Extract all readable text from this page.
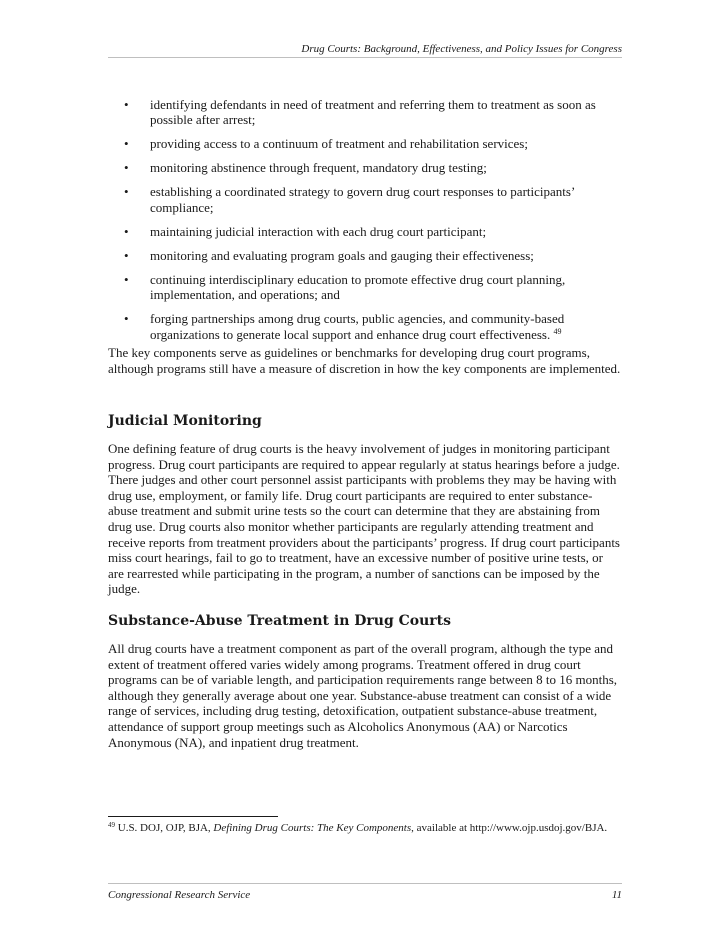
Drug Courts: Background, Effectiveness, and Policy Issues for Congress
• identifying defendants in need of treatment and referring them to treatment as soon as possible after arrest;
• providing access to a continuum of treatment and rehabilitation services;
• monitoring abstinence through frequent, mandatory drug testing;
• establishing a coordinated strategy to govern drug court responses to participants’ compliance;
• maintaining judicial interaction with each drug court participant;
• monitoring and evaluating program goals and gauging their effectiveness;
• continuing interdisciplinary education to promote effective drug court planning, implementation, and operations; and
• forging partnerships among drug courts, public agencies, and community-based organizations to generate local support and enhance drug court effectiveness. $^{49}$

The key components serve as guidelines or benchmarks for developing drug court programs, although programs still have a measure of discretion in how the key components are implemented.

Judicial Monitoring

One defining feature of drug courts is the heavy involvement of judges in monitoring participant progress. Drug court participants are required to appear regularly at status hearings before a judge. There judges and other court personnel assist participants with problems they may be having with drug use, employment, or family life. Drug court participants are required to enter substance-abuse treatment and submit urine tests so the court can determine that they are abstaining from drug use. Drug courts also monitor whether participants are regularly attending treatment and receive reports from treatment providers about the participants’ progress. If drug court participants miss court hearings, fail to go to treatment, have an excessive number of positive urine tests, or are rearrested while participating in the program, a number of sanctions can be imposed by the judge.

Substance-Abuse Treatment in Drug Courts

All drug courts have a treatment component as part of the overall program, although the type and extent of treatment offered varies widely among programs. Treatment offered in drug court programs can be of variable length, and participation requirements range between 8 to 16 months, although they generally average about one year. Substance-abuse treatment can consist of a wide range of services, including drug testing, detoxification, outpatient substance-abuse treatment, attendance of support group meetings such as Alcoholics Anonymous (AA) or Narcotics Anonymous (NA), and inpatient drug treatment.

$^{49}$ U.S. DOJ, OJP, BJA, Defining Drug Courts: The Key Components, available at http://www.ojp.usdoj.gov/BJA.

Congressional Research Service	11
